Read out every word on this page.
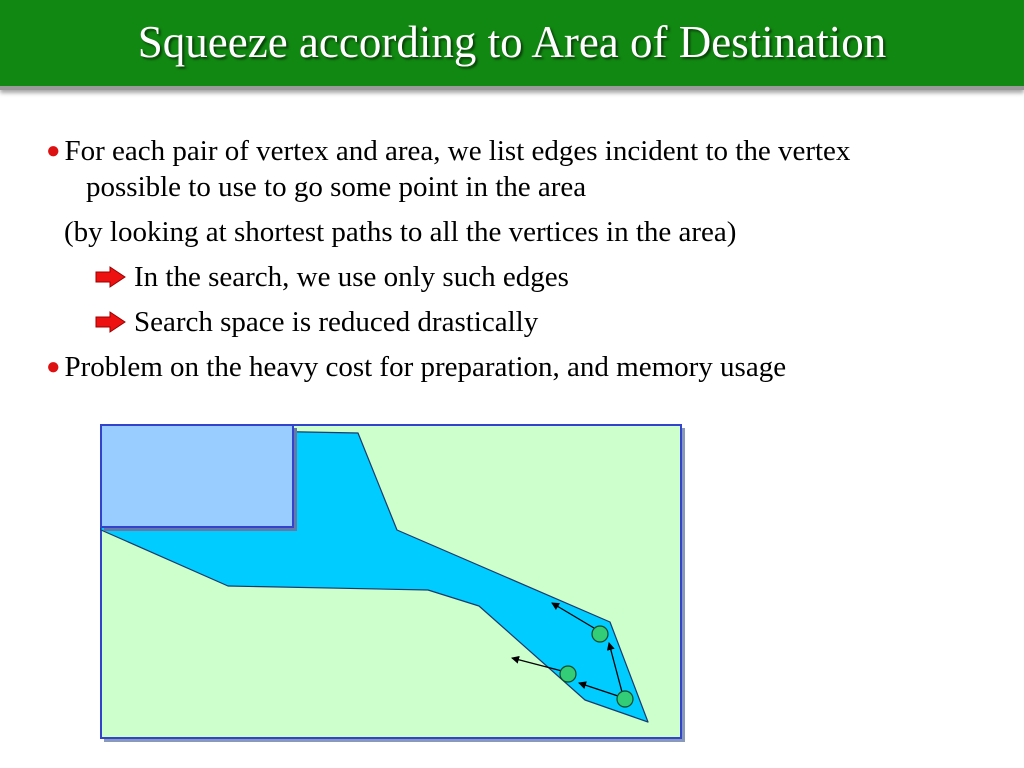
Squeeze according to Area of Destination
● For each pair of vertex and area, we list edges incident to the vertex
possible to use to go some point in the area
(by looking at shortest paths to all the vertices in the area)
In the search, we use only such edges
Search space is reduced drastically
● Problem on the heavy cost for preparation, and memory usage
